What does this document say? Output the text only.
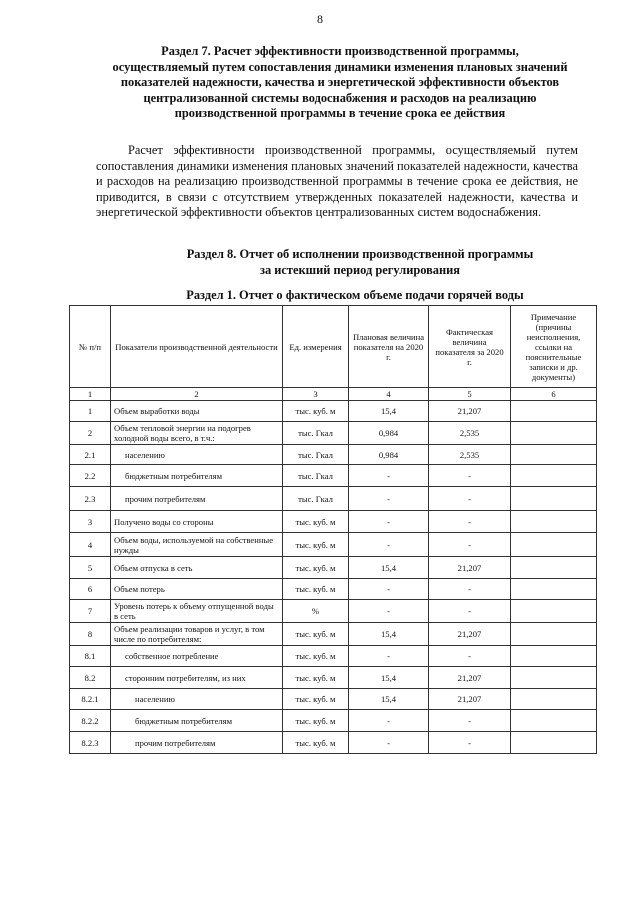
8
Раздел 7. Расчет эффективности производственной программы,
осуществляемый путем сопоставления динамики изменения плановых значений
показателей надежности, качества и энергетической эффективности объектов
централизованной системы водоснабжения и расходов на реализацию
производственной программы в течение срока ее действия
Расчет эффективности производственной программы, осуществляемый путем сопоставления динамики изменения плановых значений показателей надежности, качества и расходов на реализацию производственной программы в течение срока ее действия, не приводится, в связи с отсутствием утвержденных показателей надежности, качества и энергетической эффективности объектов централизованных систем водоснабжения.
Раздел 8. Отчет об исполнении производственной программы
за истекший период регулирования
Раздел 1. Отчет о фактическом объеме подачи горячей воды
№ п/п	Показатели производственной деятельности	Ед. измерения	Плановая величина показателя на 2020 г.	Фактическая величина показателя за 2020 г.	Примечание (причины неисполнения, ссылки на пояснительные записки и др. документы)
1	2	3	4	5	6
1	Объем выработки воды	тыс. куб. м	15,4	21,207	
2	Объем тепловой энергии на подогрев холодной воды всего, в т.ч.:	тыс. Гкал	0,984	2,535	
2.1	населению	тыс. Гкал	0,984	2,535	
2.2	бюджетным потребителям	тыс. Гкал	-	-	
2.3	прочим потребителям	тыс. Гкал	-	-	
3	Получено воды со стороны	тыс. куб. м	-	-	
4	Объем воды, используемой на собственные нужды	тыс. куб. м	-	-	
5	Объем отпуска в сеть	тыс. куб. м	15,4	21,207	
6	Объем потерь	тыс. куб. м	-	-	
7	Уровень потерь к объему отпущенной воды в сеть	%	-	-	
8	Объем реализации товаров и услуг, в том числе по потребителям:	тыс. куб. м	15,4	21,207	
8.1	собственное потребление	тыс. куб. м	-	-	
8.2	сторонним потребителям, из них	тыс. куб. м	15,4	21,207	
8.2.1	населению	тыс. куб. м	15,4	21,207	
8.2.2	бюджетным потребителям	тыс. куб. м	-	-	
8.2.3	прочим потребителям	тыс. куб. м	-	-	
